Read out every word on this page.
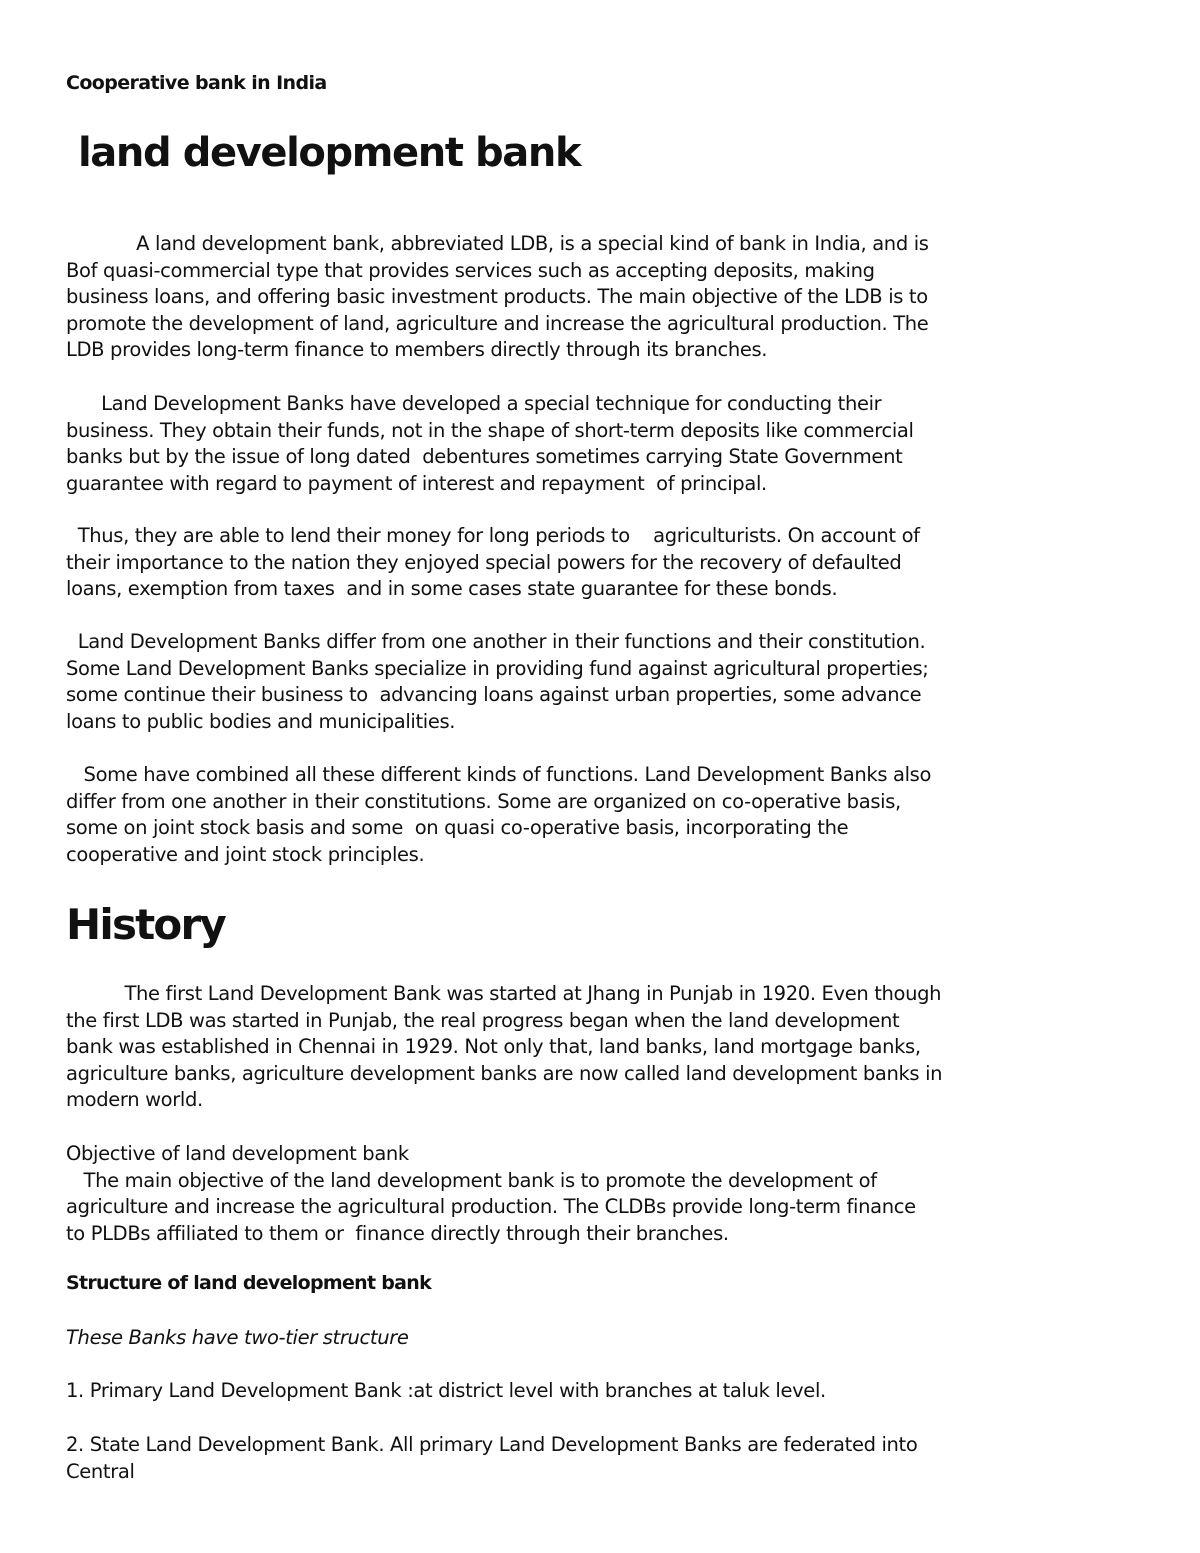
Cooperative bank in India
land development bank
A land development bank, abbreviated LDB, is a special kind of bank in India, and is
Bof quasi-commercial type that provides services such as accepting deposits, making
business loans, and offering basic investment products. The main objective of the LDB is to
promote the development of land, agriculture and increase the agricultural production. The
LDB provides long-term finance to members directly through its branches.
Land Development Banks have developed a special technique for conducting their
business. They obtain their funds, not in the shape of short-term deposits like commercial
banks but by the issue of long dated  debentures sometimes carrying State Government
guarantee with regard to payment of interest and repayment  of principal.
Thus, they are able to lend their money for long periods to    agriculturists. On account of
their importance to the nation they enjoyed special powers for the recovery of defaulted
loans, exemption from taxes  and in some cases state guarantee for these bonds.
Land Development Banks differ from one another in their functions and their constitution.
Some Land Development Banks specialize in providing fund against agricultural properties;
some continue their business to  advancing loans against urban properties, some advance
loans to public bodies and municipalities.
Some have combined all these different kinds of functions. Land Development Banks also
differ from one another in their constitutions. Some are organized on co-operative basis,
some on joint stock basis and some  on quasi co-operative basis, incorporating the
cooperative and joint stock principles.
History
The first Land Development Bank was started at Jhang in Punjab in 1920. Even though
the first LDB was started in Punjab, the real progress began when the land development
bank was established in Chennai in 1929. Not only that, land banks, land mortgage banks,
agriculture banks, agriculture development banks are now called land development banks in
modern world.
Objective of land development bank
The main objective of the land development bank is to promote the development of
agriculture and increase the agricultural production. The CLDBs provide long-term finance
to PLDBs affiliated to them or  finance directly through their branches.
Structure of land development bank
These Banks have two-tier structure
1. Primary Land Development Bank :at district level with branches at taluk level.
2. State Land Development Bank. All primary Land Development Banks are federated into
Central
